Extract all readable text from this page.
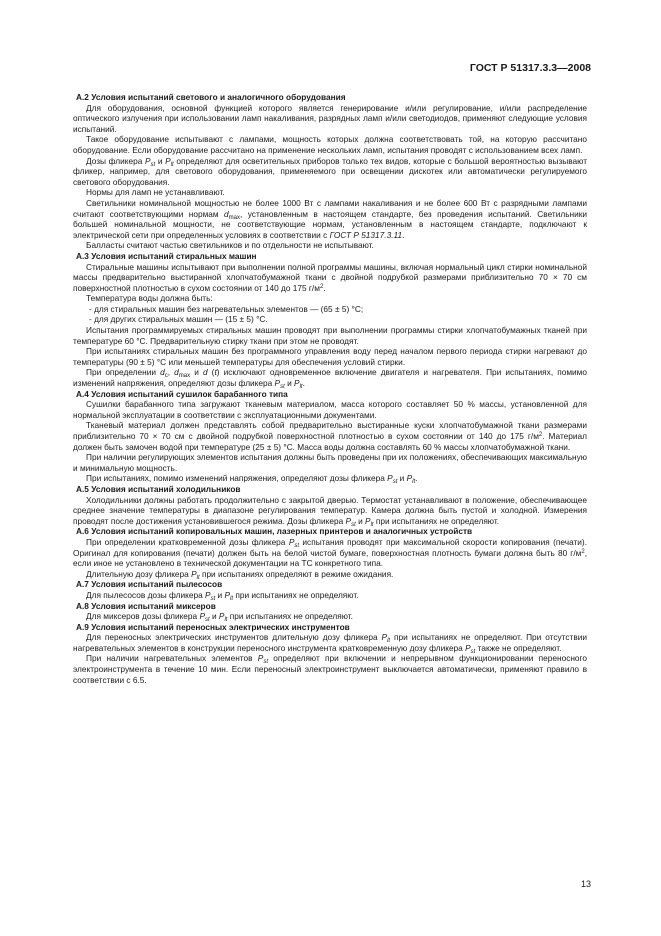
ГОСТ Р 51317.3.3—2008

А.2 Условия испытаний светового и аналогичного оборудования

Для оборудования, основной функцией которого является генерирование и/или регулирование, и/или распределение оптического излучения при использовании ламп накаливания, разрядных ламп и/или светодиодов, применяют следующие условия испытаний.

Такое оборудование испытывают с лампами, мощность которых должна соответствовать той, на которую рассчитано оборудование. Если оборудование рассчитано на применение нескольких ламп, испытания проводят с использованием всех ламп.

Дозы фликера $P_{st}$ и $P_{lt}$ определяют для осветительных приборов только тех видов, которые с большой вероятностью вызывают фликер, например, для светового оборудования, применяемого при освещении дискотек или автоматически регулируемого светового оборудования.

Нормы для ламп не устанавливают.

Светильники номинальной мощностью не более 1000 Вт с лампами накаливания и не более 600 Вт с разрядными лампами считают соответствующими нормам $d_{max}$, установленным в настоящем стандарте, без проведения испытаний. Светильники большей номинальной мощности, не соответствующие нормам, установленным в настоящем стандарте, подключают к электрической сети при определенных условиях в соответствии с ГОСТ Р 51317.3.11.

Балласты считают частью светильников и по отдельности не испытывают.

А.3 Условия испытаний стиральных машин

Стиральные машины испытывают при выполнении полной программы машины, включая нормальный цикл стирки номинальной массы предварительно выстиранной хлопчатобумажной ткани с двойной подрубкой размерами приблизительно 70 × 70 см поверхностной плотностью в сухом состоянии от 140 до 175 $г/м^2$.

Температура воды должна быть:

- для стиральных машин без нагревательных элементов — (65 ± 5) °С;

- для других стиральных машин — (15 ± 5) °С.

Испытания программируемых стиральных машин проводят при выполнении программы стирки хлопчатобумажных тканей при температуре 60 °С. Предварительную стирку ткани при этом не проводят.

При испытаниях стиральных машин без программного управления воду перед началом первого периода стирки нагревают до температуры (90 ± 5) °С или меньшей температуры для обеспечения условий стирки.

При определении $d_c$, $d_{max}$ и d (t) исключают одновременное включение двигателя и нагревателя. При испытаниях, помимо изменений напряжения, определяют дозы фликера $P_{st}$ и $P_{lt}$.

А.4 Условия испытаний сушилок барабанного типа

Сушилки барабанного типа загружают тканевым материалом, масса которого составляет 50 % массы, установленной для нормальной эксплуатации в соответствии с эксплуатационными документами.

Тканевый материал должен представлять собой предварительно выстиранные куски хлопчатобумажной ткани размерами приблизительно 70 × 70 см с двойной подрубкой поверхностной плотностью в сухом состоянии от 140 до 175 $г/м^2$. Материал должен быть замочен водой при температуре (25 ± 5) °С. Масса воды должна составлять 60 % массы хлопчатобумажной ткани.

При наличии регулирующих элементов испытания должны быть проведены при их положениях, обеспечивающих максимальную и минимальную мощность.

При испытаниях, помимо изменений напряжения, определяют дозы фликера $P_{st}$ и $P_{lt}$.

А.5 Условия испытаний холодильников

Холодильники должны работать продолжительно с закрытой дверью. Термостат устанавливают в положение, обеспечивающее среднее значение температуры в диапазоне регулирования температур. Камера должна быть пустой и холодной. Измерения проводят после достижения установившегося режима. Дозы фликера $P_{st}$ и $P_{lt}$ при испытаниях не определяют.

А.6 Условия испытаний копировальных машин, лазерных принтеров и аналогичных устройств

При определении кратковременной дозы фликера $P_{st}$ испытания проводят при максимальной скорости копирования (печати). Оригинал для копирования (печати) должен быть на белой чистой бумаге, поверхностная плотность бумаги должна быть 80 $г/м^2$, если иное не установлено в технической документации на ТС конкретного типа.

Длительную дозу фликера $P_{lt}$ при испытаниях определяют в режиме ожидания.

А.7 Условия испытаний пылесосов

Для пылесосов дозы фликера $P_{st}$ и $P_{lt}$ при испытаниях не определяют.

А.8 Условия испытаний миксеров

Для миксеров дозы фликера $P_{st}$ и $P_{lt}$ при испытаниях не определяют.

А.9 Условия испытаний переносных электрических инструментов

Для переносных электрических инструментов длительную дозу фликера $P_{lt}$ при испытаниях не определяют. При отсутствии нагревательных элементов в конструкции переносного инструмента кратковременную дозу фликера $P_{st}$ также не определяют.

При наличии нагревательных элементов $P_{st}$ определяют при включении и непрерывном функционировании переносного электроинструмента в течение 10 мин. Если переносный электроинструмент выключается автоматически, применяют правило в соответствии с 6.5.

13
